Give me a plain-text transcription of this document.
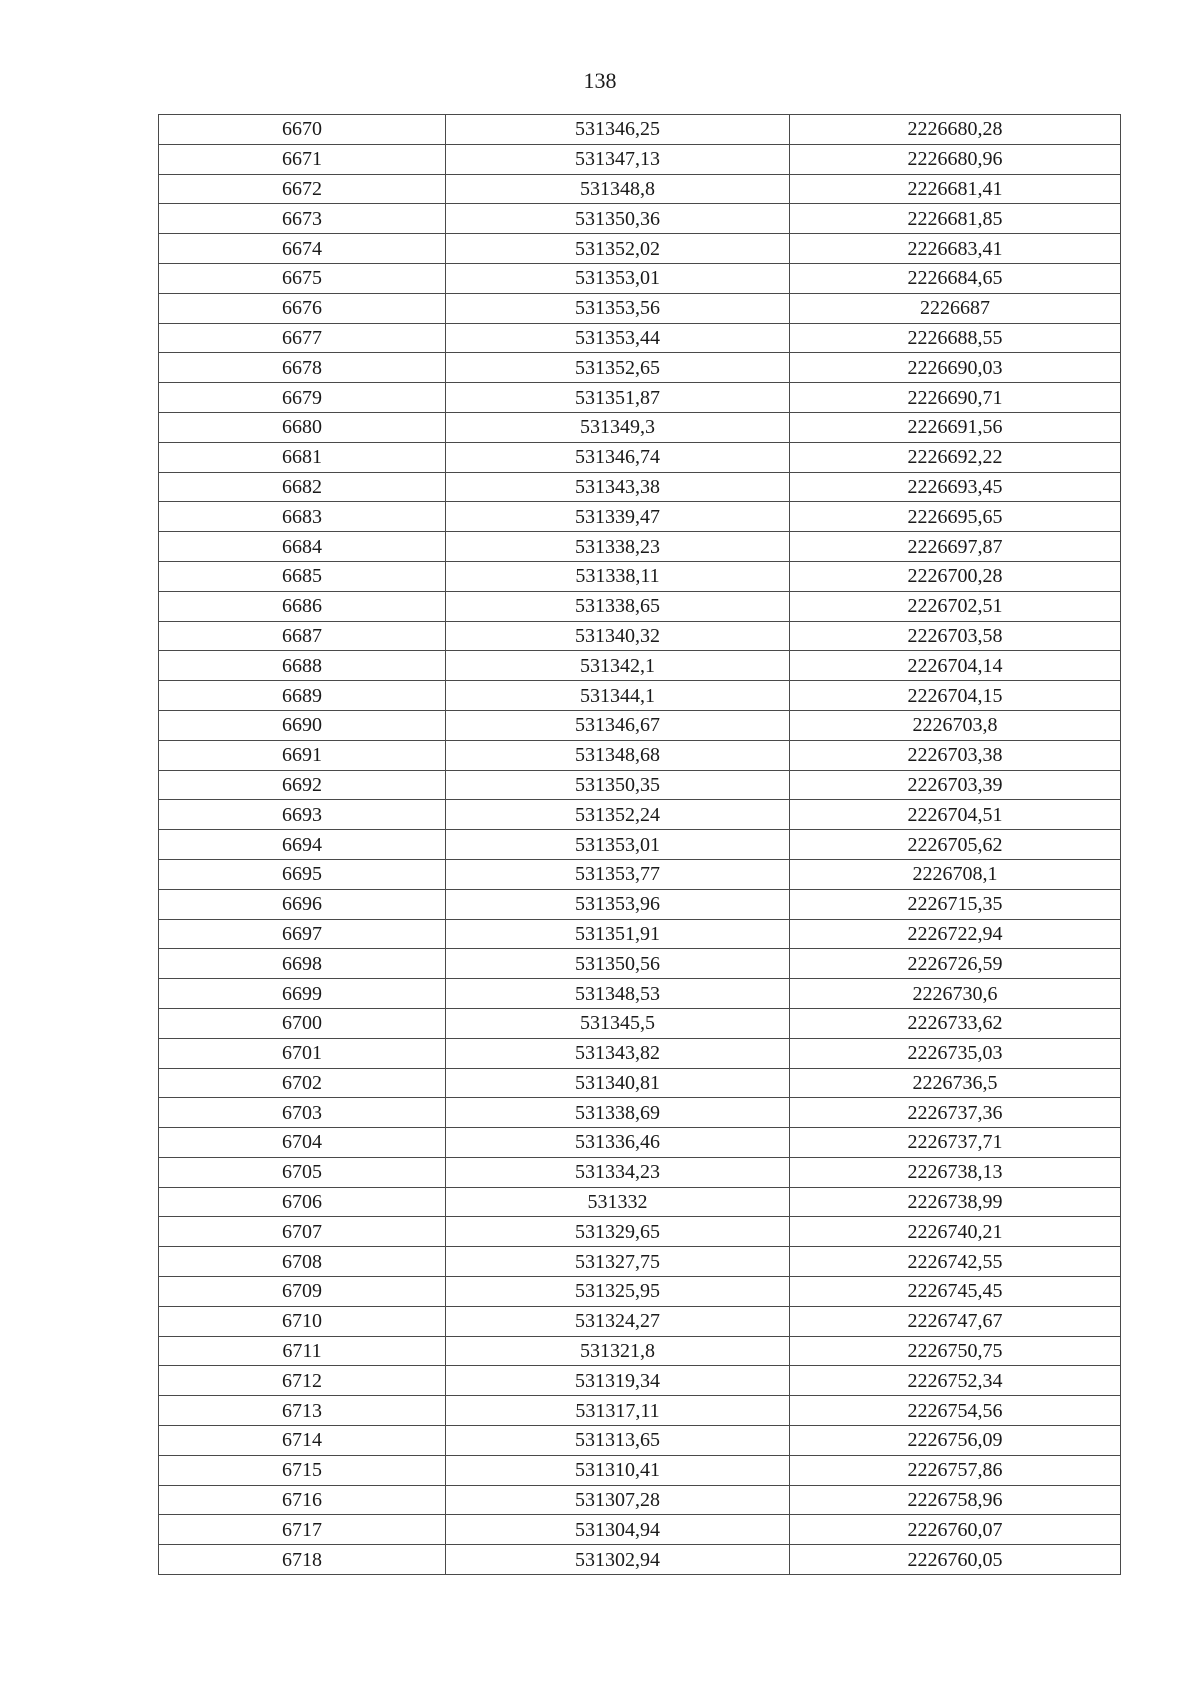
138
6670	531346,25	2226680,28
6671	531347,13	2226680,96
6672	531348,8	2226681,41
6673	531350,36	2226681,85
6674	531352,02	2226683,41
6675	531353,01	2226684,65
6676	531353,56	2226687
6677	531353,44	2226688,55
6678	531352,65	2226690,03
6679	531351,87	2226690,71
6680	531349,3	2226691,56
6681	531346,74	2226692,22
6682	531343,38	2226693,45
6683	531339,47	2226695,65
6684	531338,23	2226697,87
6685	531338,11	2226700,28
6686	531338,65	2226702,51
6687	531340,32	2226703,58
6688	531342,1	2226704,14
6689	531344,1	2226704,15
6690	531346,67	2226703,8
6691	531348,68	2226703,38
6692	531350,35	2226703,39
6693	531352,24	2226704,51
6694	531353,01	2226705,62
6695	531353,77	2226708,1
6696	531353,96	2226715,35
6697	531351,91	2226722,94
6698	531350,56	2226726,59
6699	531348,53	2226730,6
6700	531345,5	2226733,62
6701	531343,82	2226735,03
6702	531340,81	2226736,5
6703	531338,69	2226737,36
6704	531336,46	2226737,71
6705	531334,23	2226738,13
6706	531332	2226738,99
6707	531329,65	2226740,21
6708	531327,75	2226742,55
6709	531325,95	2226745,45
6710	531324,27	2226747,67
6711	531321,8	2226750,75
6712	531319,34	2226752,34
6713	531317,11	2226754,56
6714	531313,65	2226756,09
6715	531310,41	2226757,86
6716	531307,28	2226758,96
6717	531304,94	2226760,07
6718	531302,94	2226760,05
